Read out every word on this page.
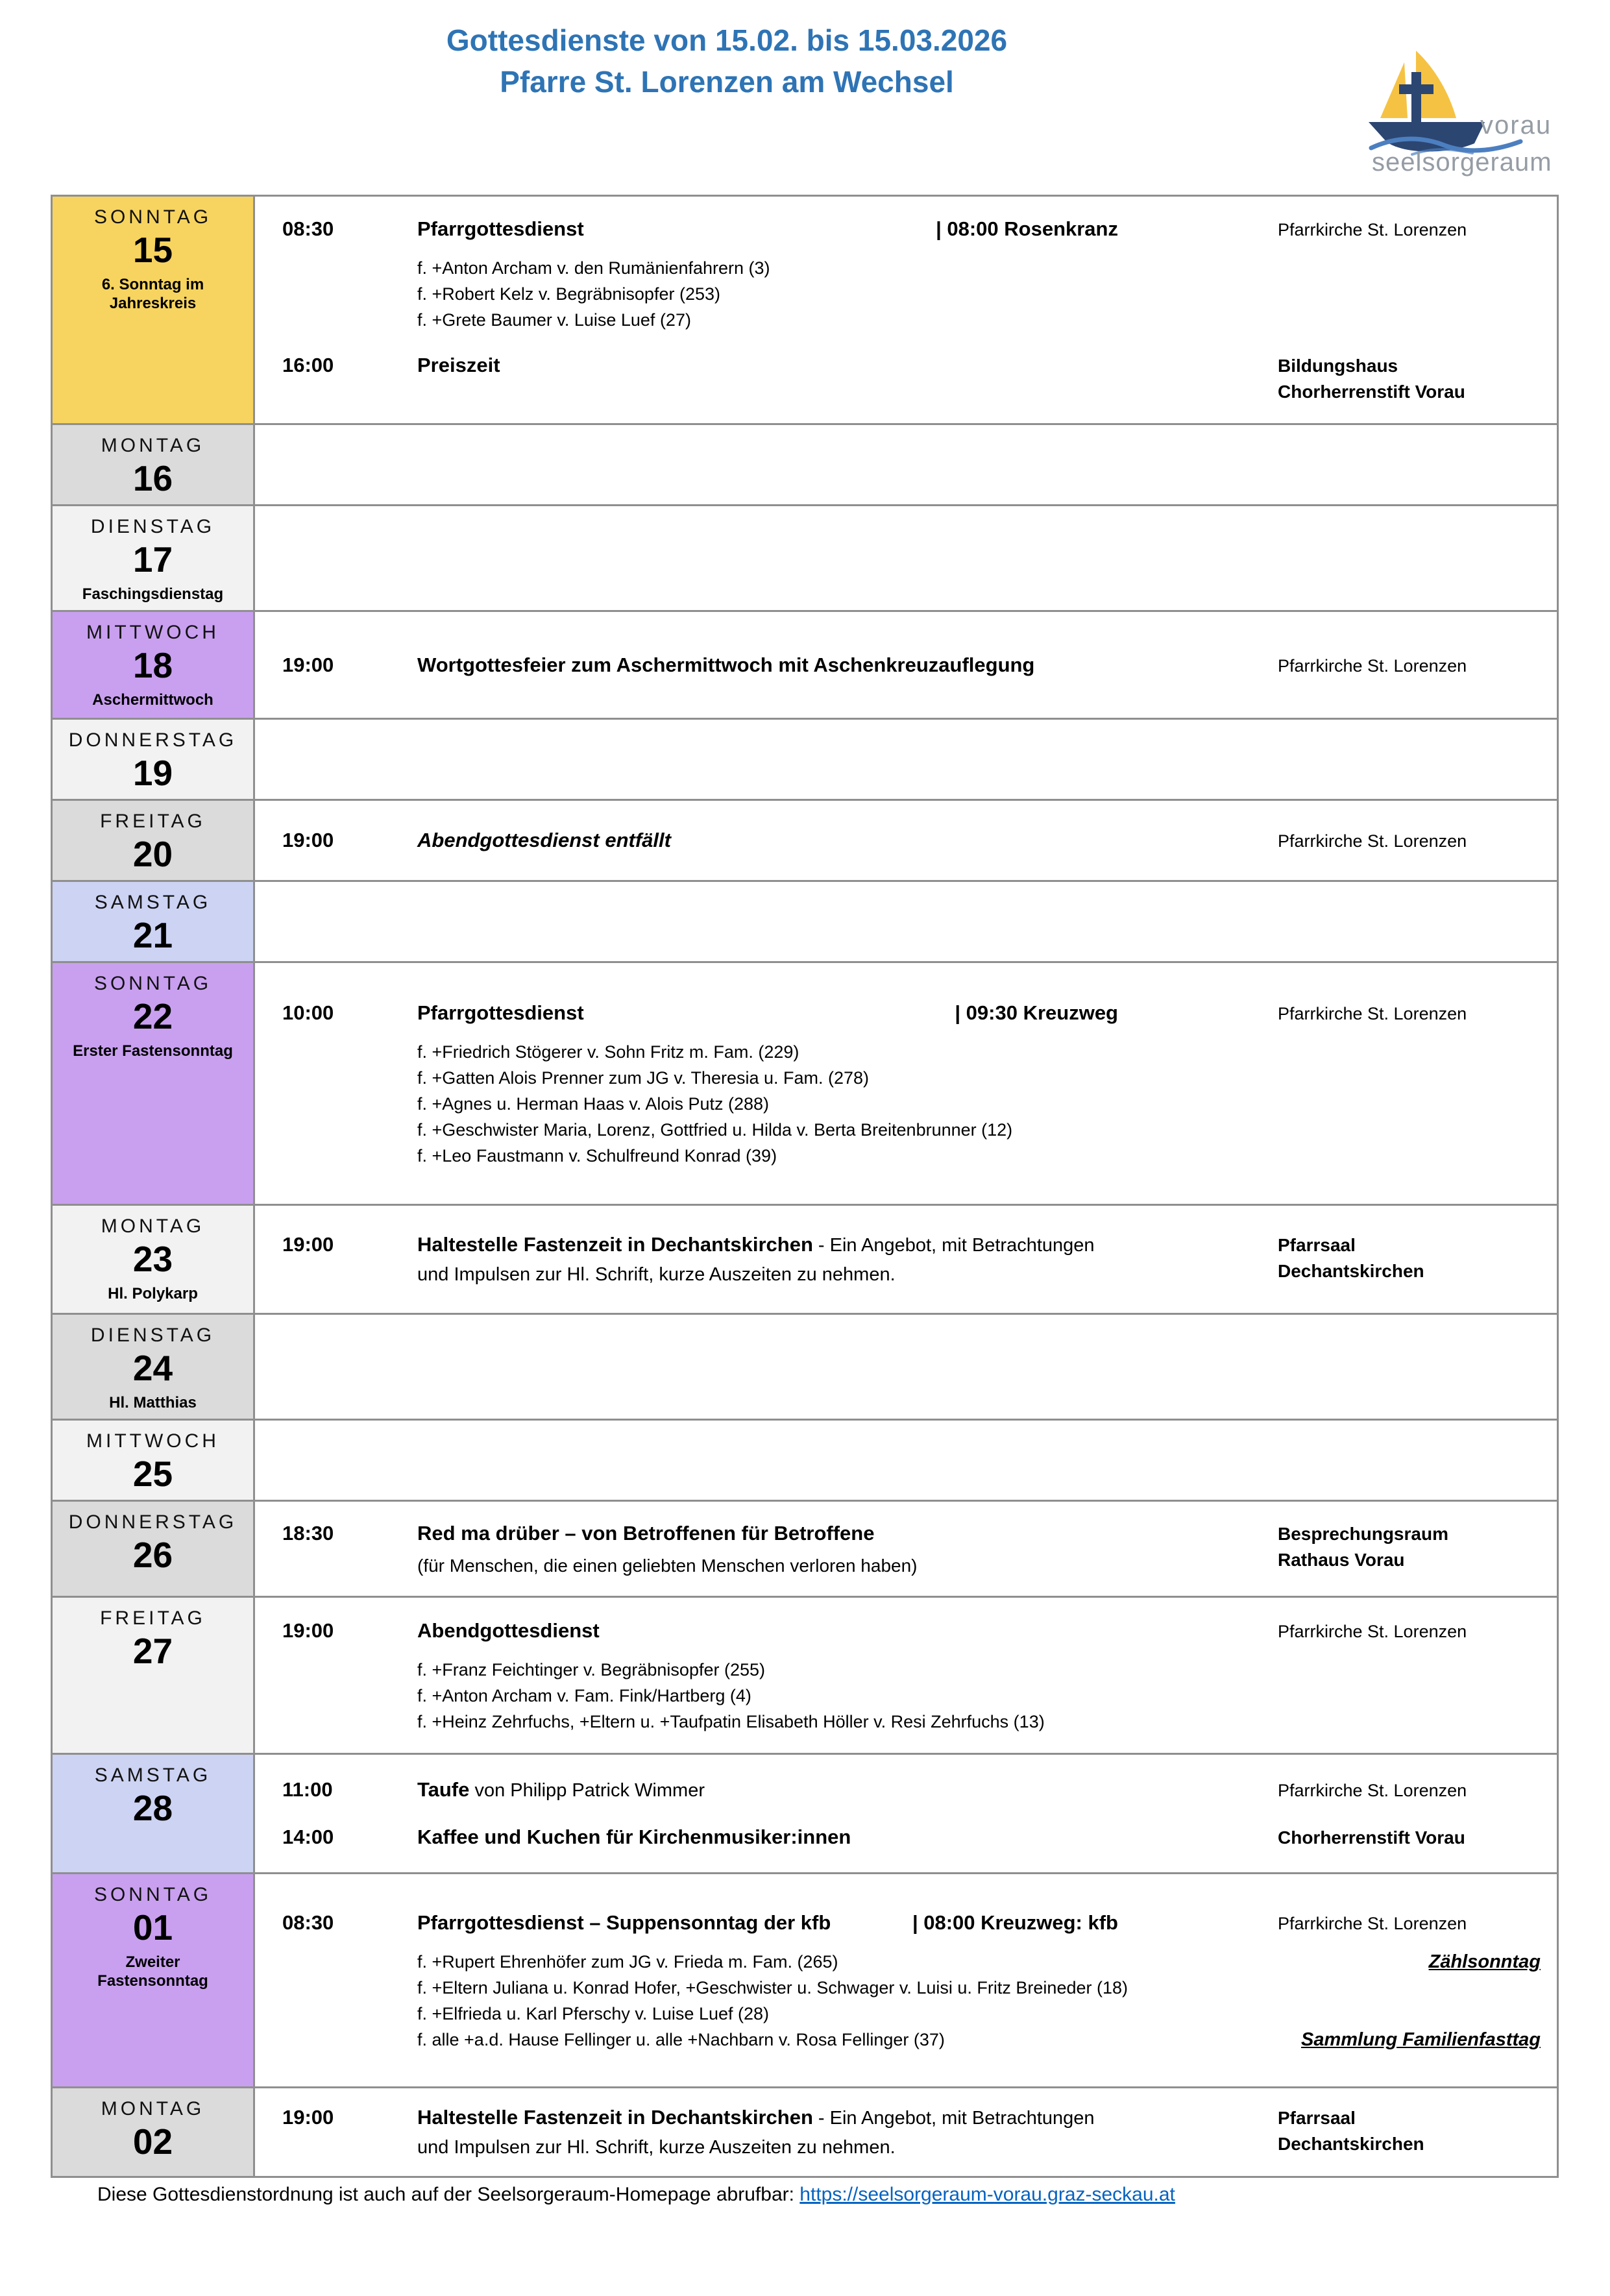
Gottesdienste von 15.02. bis 15.03.2026
Pfarre St. Lorenzen am Wechsel
vorau
seelsorgeraum
SONNTAG
15
6. Sonntag im
Jahreskreis
08:30	Pfarrgottesdienst	| 08:00 Rosenkranz
f. +Anton Archam v. den Rumänienfahrern (3)
f. +Robert Kelz v. Begräbnisopfer (253)
f. +Grete Baumer v. Luise Luef (27)
Pfarrkirche St. Lorenzen
16:00	Preiszeit	Bildungshaus
Chorherrenstift Vorau
MONTAG
16
DIENSTAG
17
Faschingsdienstag
MITTWOCH
18
Aschermittwoch
19:00	Wortgottesfeier zum Aschermittwoch mit Aschenkreuzauflegung	Pfarrkirche St. Lorenzen
DONNERSTAG
19
FREITAG
20	19:00	Abendgottesdienst entfällt	Pfarrkirche St. Lorenzen
SAMSTAG
21
SONNTAG
22
Erster Fastensonntag
10:00	Pfarrgottesdienst	| 09:30 Kreuzweg
f. +Friedrich Stögerer v. Sohn Fritz m. Fam. (229)
f. +Gatten Alois Prenner zum JG v. Theresia u. Fam. (278)
f. +Agnes u. Herman Haas v. Alois Putz (288)
f. +Geschwister Maria, Lorenz, Gottfried u. Hilda v. Berta Breitenbrunner (12)
f. +Leo Faustmann v. Schulfreund Konrad (39)
Pfarrkirche St. Lorenzen
MONTAG
23
Hl. Polykarp
19:00	Haltestelle Fastenzeit in Dechantskirchen - Ein Angebot, mit Betrachtungen und Impulsen zur Hl. Schrift, kurze Auszeiten zu nehmen.
Pfarrsaal
Dechantskirchen
DIENSTAG
24
Hl. Matthias
MITTWOCH
25
DONNERSTAG
26
18:30	Red ma drüber – von Betroffenen für Betroffene
(für Menschen, die einen geliebten Menschen verloren haben)
Besprechungsraum
Rathaus Vorau
FREITAG
27
19:00	Abendgottesdienst
f. +Franz Feichtinger v. Begräbnisopfer (255)
f. +Anton Archam v. Fam. Fink/Hartberg (4)
f. +Heinz Zehrfuchs, +Eltern u. +Taufpatin Elisabeth Höller v. Resi Zehrfuchs (13)
Pfarrkirche St. Lorenzen
SAMSTAG
28	11:00	Taufe von Philipp Patrick Wimmer	Pfarrkirche St. Lorenzen
14:00	Kaffee und Kuchen für Kirchenmusiker:innen	Chorherrenstift Vorau
SONNTAG
01
Zweiter
Fastensonntag
08:30	Pfarrgottesdienst – Suppensonntag der kfb	| 08:00 Kreuzweg: kfb
f. +Rupert Ehrenhöfer zum JG v. Frieda m. Fam. (265)	Zählsonntag
f. +Eltern Juliana u. Konrad Hofer, +Geschwister u. Schwager v. Luisi u. Fritz Breineder (18)
f. +Elfrieda u. Karl Pferschy v. Luise Luef (28)
f. alle +a.d. Hause Fellinger u. alle +Nachbarn v. Rosa Fellinger (37)	Sammlung Familienfasttag
Pfarrkirche St. Lorenzen
MONTAG
02
19:00	Haltestelle Fastenzeit in Dechantskirchen - Ein Angebot, mit Betrachtungen und Impulsen zur Hl. Schrift, kurze Auszeiten zu nehmen.
Pfarrsaal
Dechantskirchen
Diese Gottesdienstordnung ist auch auf der Seelsorgeraum-Homepage abrufbar: https://seelsorgeraum-vorau.graz-seckau.at
